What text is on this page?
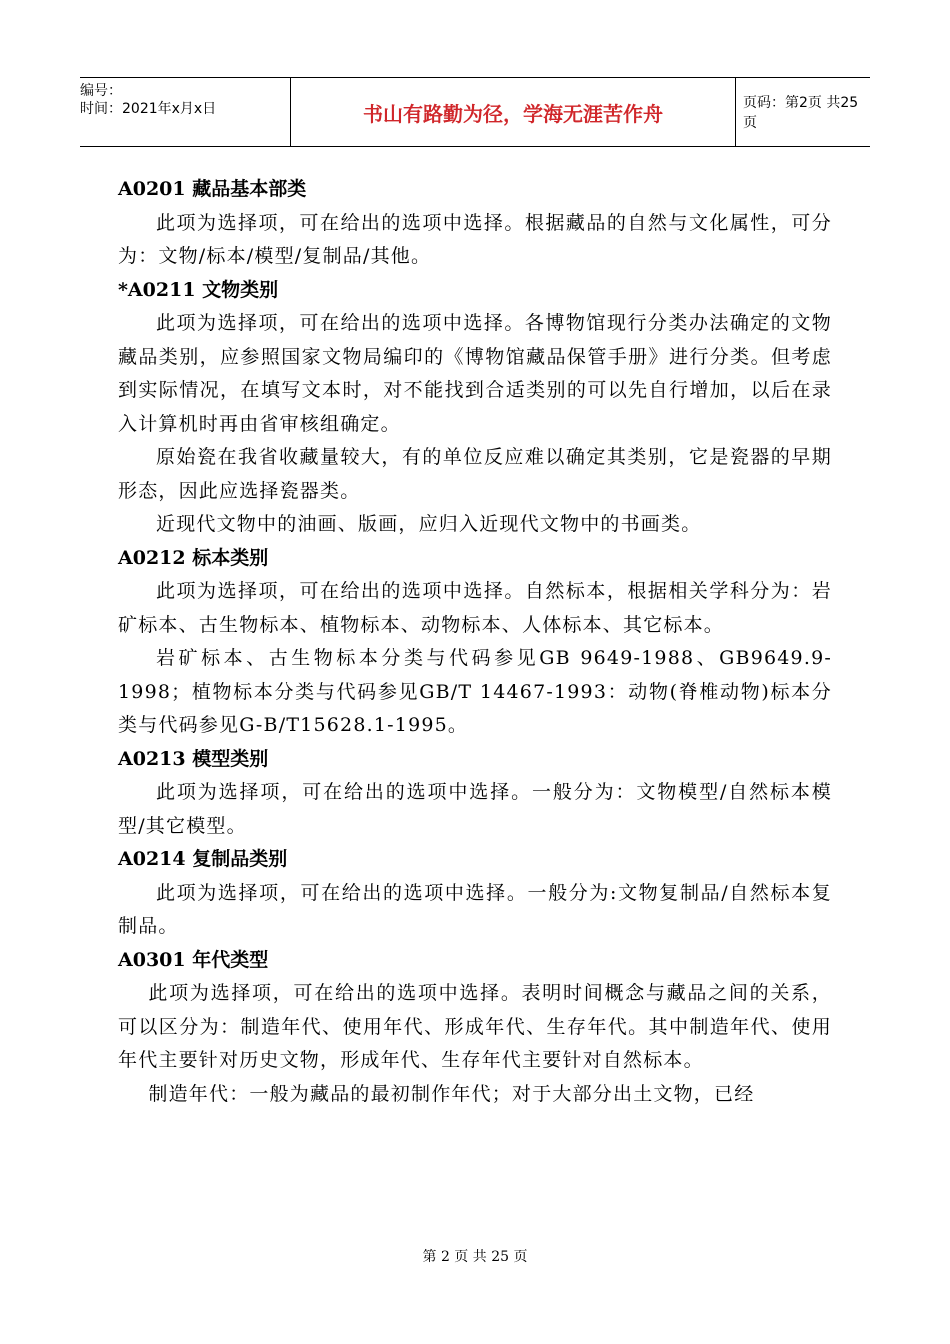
编号：
时间：2021年x月x日	书山有路勤为径，学海无涯苦作舟	页码：第2页 共25页

A0201 藏品基本部类

此项为选择项，可在给出的选项中选择。根据藏品的自然与文化属性，可分为：文物/标本/模型/复制品/其他。

*A0211 文物类别

此项为选择项，可在给出的选项中选择。各博物馆现行分类办法确定的文物藏品类别，应参照国家文物局编印的《博物馆藏品保管手册》进行分类。但考虑到实际情况，在填写文本时，对不能找到合适类别的可以先自行增加，以后在录入计算机时再由省审核组确定。

原始瓷在我省收藏量较大，有的单位反应难以确定其类别，它是瓷器的早期形态，因此应选择瓷器类。

近现代文物中的油画、版画，应归入近现代文物中的书画类。

A0212 标本类别

此项为选择项，可在给出的选项中选择。自然标本，根据相关学科分为：岩矿标本、古生物标本、植物标本、动物标本、人体标本、其它标本。

岩矿标本、古生物标本分类与代码参见GB 9649-1988、GB9649.9-1998；植物标本分类与代码参见GB/T 14467-1993：动物(脊椎动物)标本分类与代码参见G-B/T15628.1-1995。

A0213 模型类别

此项为选择项，可在给出的选项中选择。一般分为：文物模型/自然标本模型/其它模型。

A0214 复制品类别

此项为选择项，可在给出的选项中选择。一般分为:文物复制品/自然标本复制品。

A0301 年代类型

此项为选择项，可在给出的选项中选择。表明时间概念与藏品之间的关系，可以区分为：制造年代、使用年代、形成年代、生存年代。其中制造年代、使用年代主要针对历史文物，形成年代、生存年代主要针对自然标本。

制造年代：一般为藏品的最初制作年代；对于大部分出土文物，已经

第 2 页 共 25 页
